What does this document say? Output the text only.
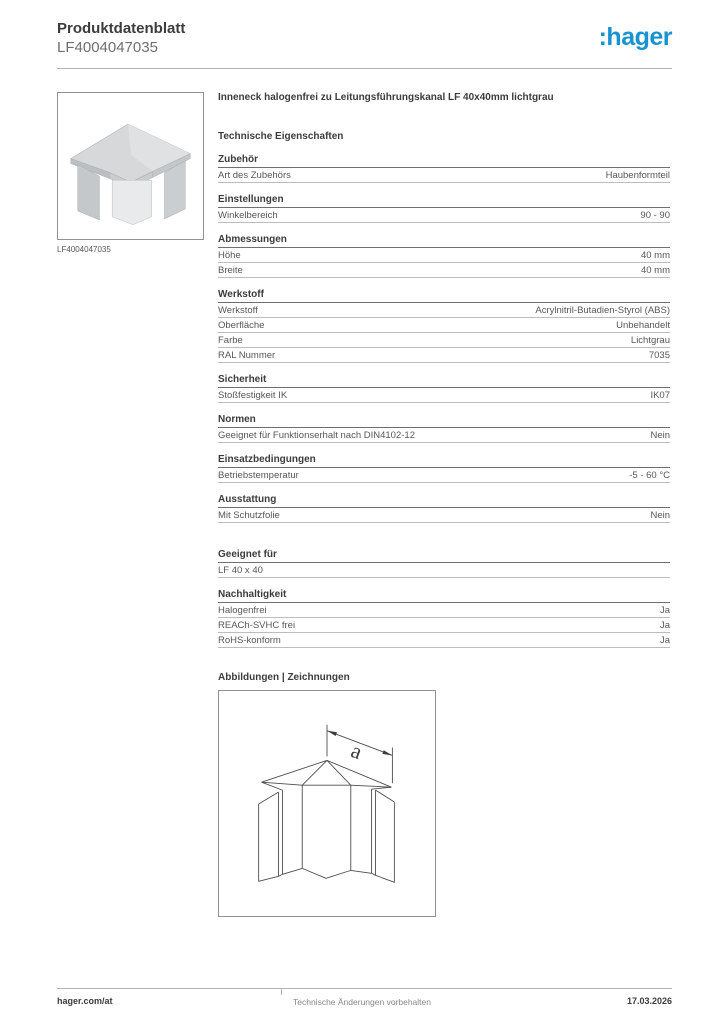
Produktdatenblatt
LF4004047035	:hager
LF4004047035
Inneneck halogenfrei zu Leitungsführungskanal LF 40x40mm lichtgrau
Technische Eigenschaften
Zubehör
Art des Zubehörs	Haubenformteil
Einstellungen
Winkelbereich	90 - 90
Abmessungen
Höhe	40 mm
Breite	40 mm
Werkstoff
Werkstoff	Acrylnitril-Butadien-Styrol (ABS)
Oberfläche	Unbehandelt
Farbe	Lichtgrau
RAL Nummer	7035
Sicherheit
Stoßfestigkeit IK	IK07
Normen
Geeignet für Funktionserhalt nach DIN4102-12	Nein
Einsatzbedingungen
Betriebstemperatur	-5 - 60 °C
Ausstattung
Mit Schutzfolie	Nein
Geeignet für
LF 40 x 40
Nachhaltigkeit
Halogenfrei	Ja
REACh-SVHC frei	Ja
RoHS-konform	Ja
Abbildungen | Zeichnungen
a
hager.com/at	Technische Änderungen vorbehalten	17.03.2026
